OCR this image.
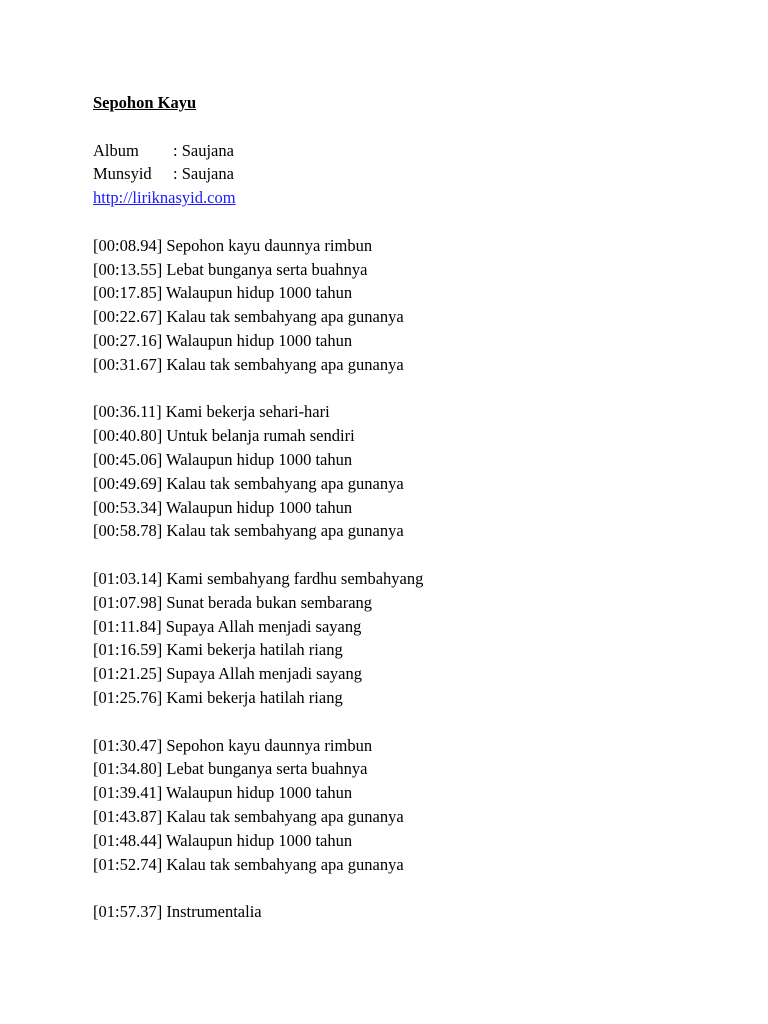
Sepohon Kayu
Album : Saujana
Munsyid : Saujana
http://liriknasyid.com
[00:08.94] Sepohon kayu daunnya rimbun
[00:13.55] Lebat bunganya serta buahnya
[00:17.85] Walaupun hidup 1000 tahun
[00:22.67] Kalau tak sembahyang apa gunanya
[00:27.16] Walaupun hidup 1000 tahun
[00:31.67] Kalau tak sembahyang apa gunanya
[00:36.11] Kami bekerja sehari-hari
[00:40.80] Untuk belanja rumah sendiri
[00:45.06] Walaupun hidup 1000 tahun
[00:49.69] Kalau tak sembahyang apa gunanya
[00:53.34] Walaupun hidup 1000 tahun
[00:58.78] Kalau tak sembahyang apa gunanya
[01:03.14] Kami sembahyang fardhu sembahyang
[01:07.98] Sunat berada bukan sembarang
[01:11.84] Supaya Allah menjadi sayang
[01:16.59] Kami bekerja hatilah riang
[01:21.25] Supaya Allah menjadi sayang
[01:25.76] Kami bekerja hatilah riang
[01:30.47] Sepohon kayu daunnya rimbun
[01:34.80] Lebat bunganya serta buahnya
[01:39.41] Walaupun hidup 1000 tahun
[01:43.87] Kalau tak sembahyang apa gunanya
[01:48.44] Walaupun hidup 1000 tahun
[01:52.74] Kalau tak sembahyang apa gunanya
[01:57.37] Instrumentalia
